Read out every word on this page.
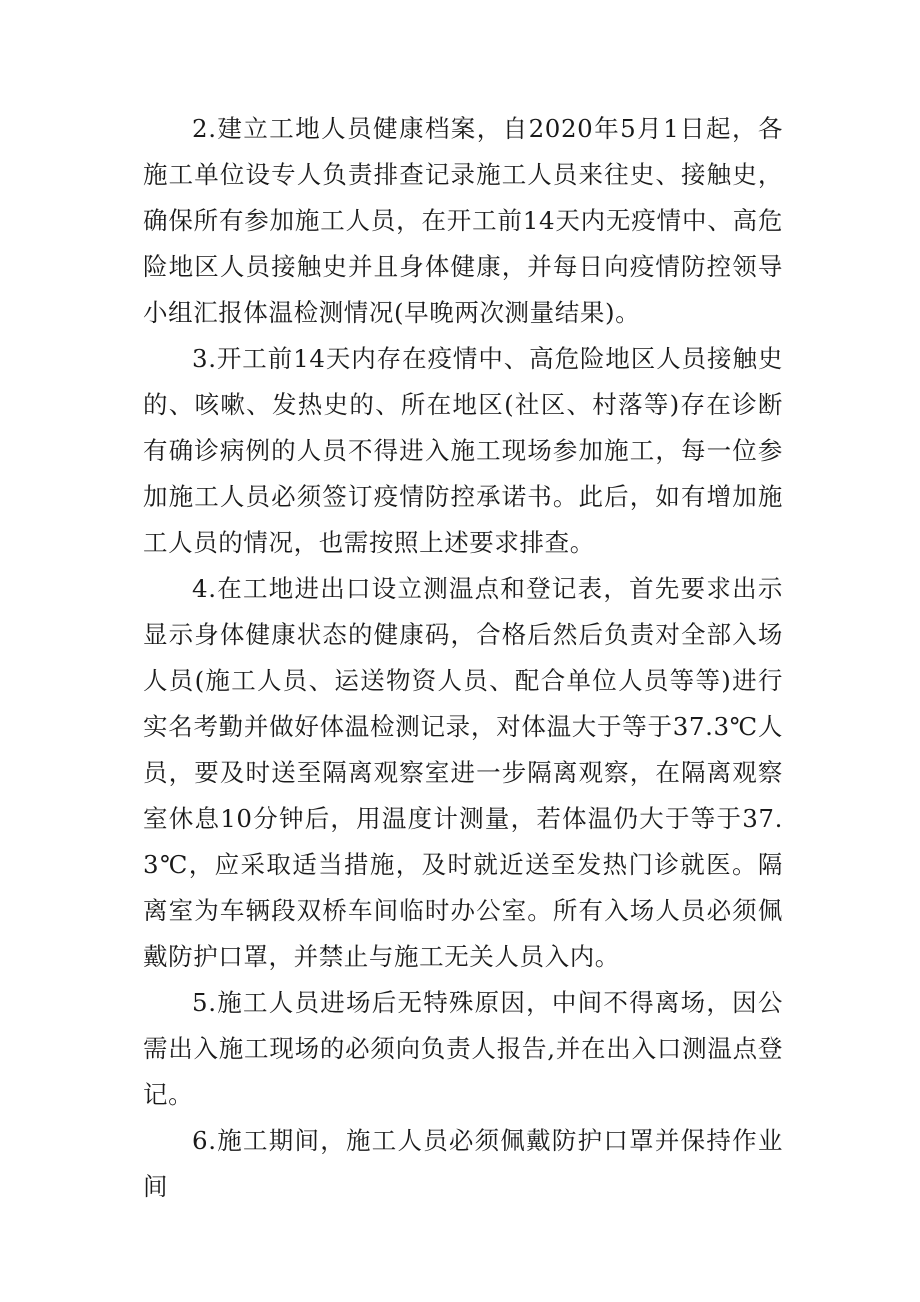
2.建立工地人员健康档案，自2020年5月1日起，各施工单位设专人负责排查记录施工人员来往史、接触史，确保所有参加施工人员，在开工前14天内无疫情中、高危险地区人员接触史并且身体健康，并每日向疫情防控领导小组汇报体温检测情况(早晚两次测量结果)。

3.开工前14天内存在疫情中、高危险地区人员接触史的、咳嗽、发热史的、所在地区(社区、村落等)存在诊断有确诊病例的人员不得进入施工现场参加施工，每一位参加施工人员必须签订疫情防控承诺书。此后，如有增加施工人员的情况，也需按照上述要求排查。

4.在工地进出口设立测温点和登记表，首先要求出示显示身体健康状态的健康码，合格后然后负责对全部入场人员(施工人员、运送物资人员、配合单位人员等等)进行实名考勤并做好体温检测记录，对体温大于等于37.3℃人员，要及时送至隔离观察室进一步隔离观察，在隔离观察室休息10分钟后，用温度计测量，若体温仍大于等于37.3℃，应采取适当措施，及时就近送至发热门诊就医。隔离室为车辆段双桥车间临时办公室。所有入场人员必须佩戴防护口罩，并禁止与施工无关人员入内。

5.施工人员进场后无特殊原因，中间不得离场，因公需出入施工现场的必须向负责人报告,并在出入口测温点登记。

6.施工期间，施工人员必须佩戴防护口罩并保持作业间
